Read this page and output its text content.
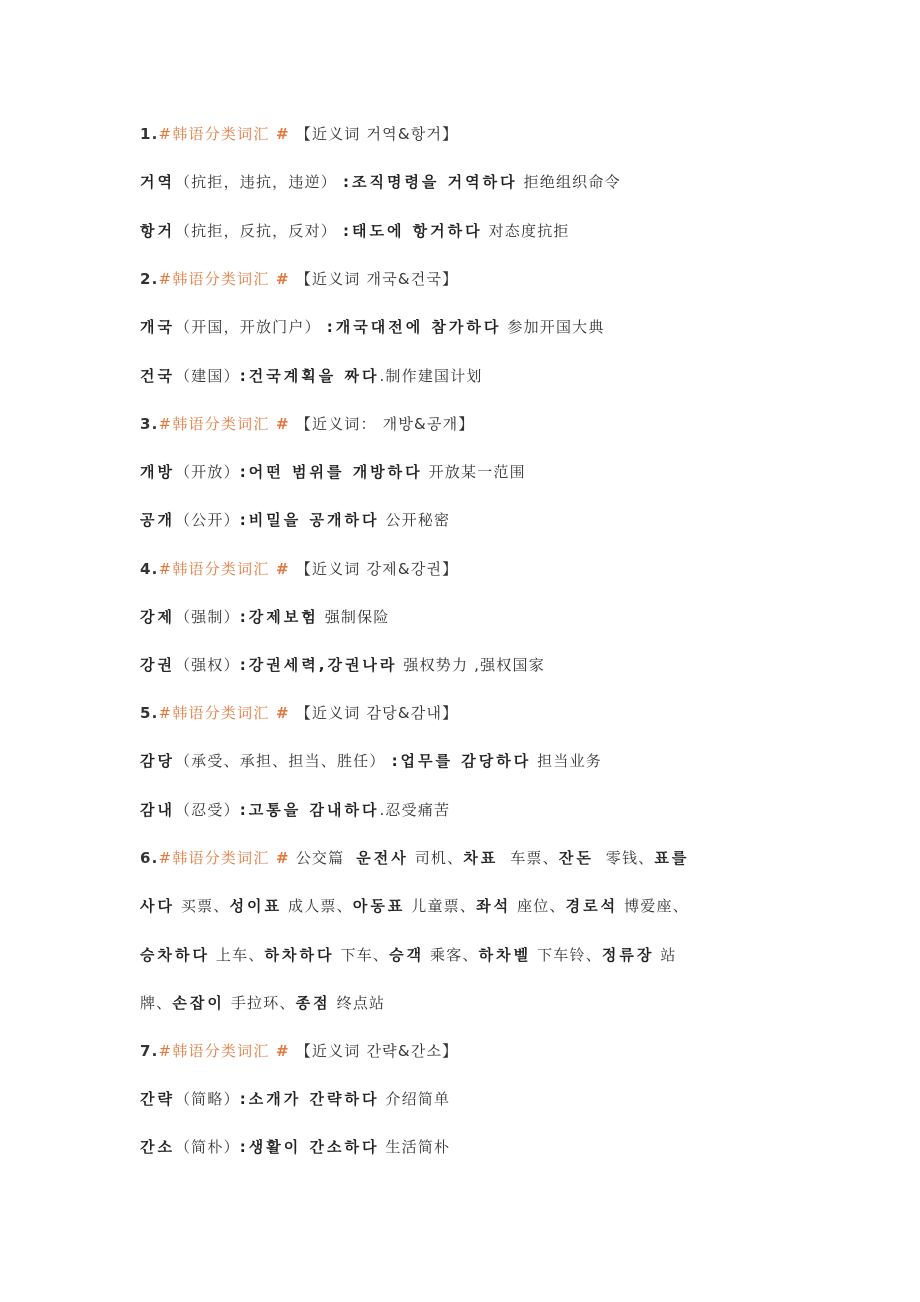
1.#韩语分类词汇 # 【近义词 거역&항거】
거역（抗拒，违抗，违逆） :조직명령을 거역하다 拒绝组织命令
항거（抗拒，反抗，反对） :태도에 항거하다 对态度抗拒
2.#韩语分类词汇 # 【近义词 개국&건국】
개국（开国，开放门户） :개국대전에 참가하다 参加开国大典
건국（建国）:건국계획을 짜다.制作建国计划
3.#韩语分类词汇 # 【近义词： 개방&공개】
개방（开放）:어떤 범위를 개방하다 开放某一范围
공개（公开）:비밀을 공개하다 公开秘密
4.#韩语分类词汇 # 【近义词 강제&강권】
강제（强制）:강제보험 强制保险
강권（强权）:강권세력,강권나라 强权势力 ,强权国家
5.#韩语分类词汇 # 【近义词 감당&감내】
감당（承受、承担、担当、胜任） :업무를 감당하다 担当业务
감내（忍受）:고통을 감내하다.忍受痛苦
6.#韩语分类词汇 # 公交篇  운전사 司机、차표  车票、잔돈  零钱、표를
사다 买票、성이표 成人票、아동표 儿童票、좌석 座位、경로석 博爱座、
승차하다 上车、하차하다 下车、승객 乘客、하차벨 下车铃、정류장 站
牌、손잡이 手拉环、종점 终点站
7.#韩语分类词汇 # 【近义词 간략&간소】
간략（简略）:소개가 간략하다 介绍简单
간소（简朴）:생활이 간소하다 生活简朴
